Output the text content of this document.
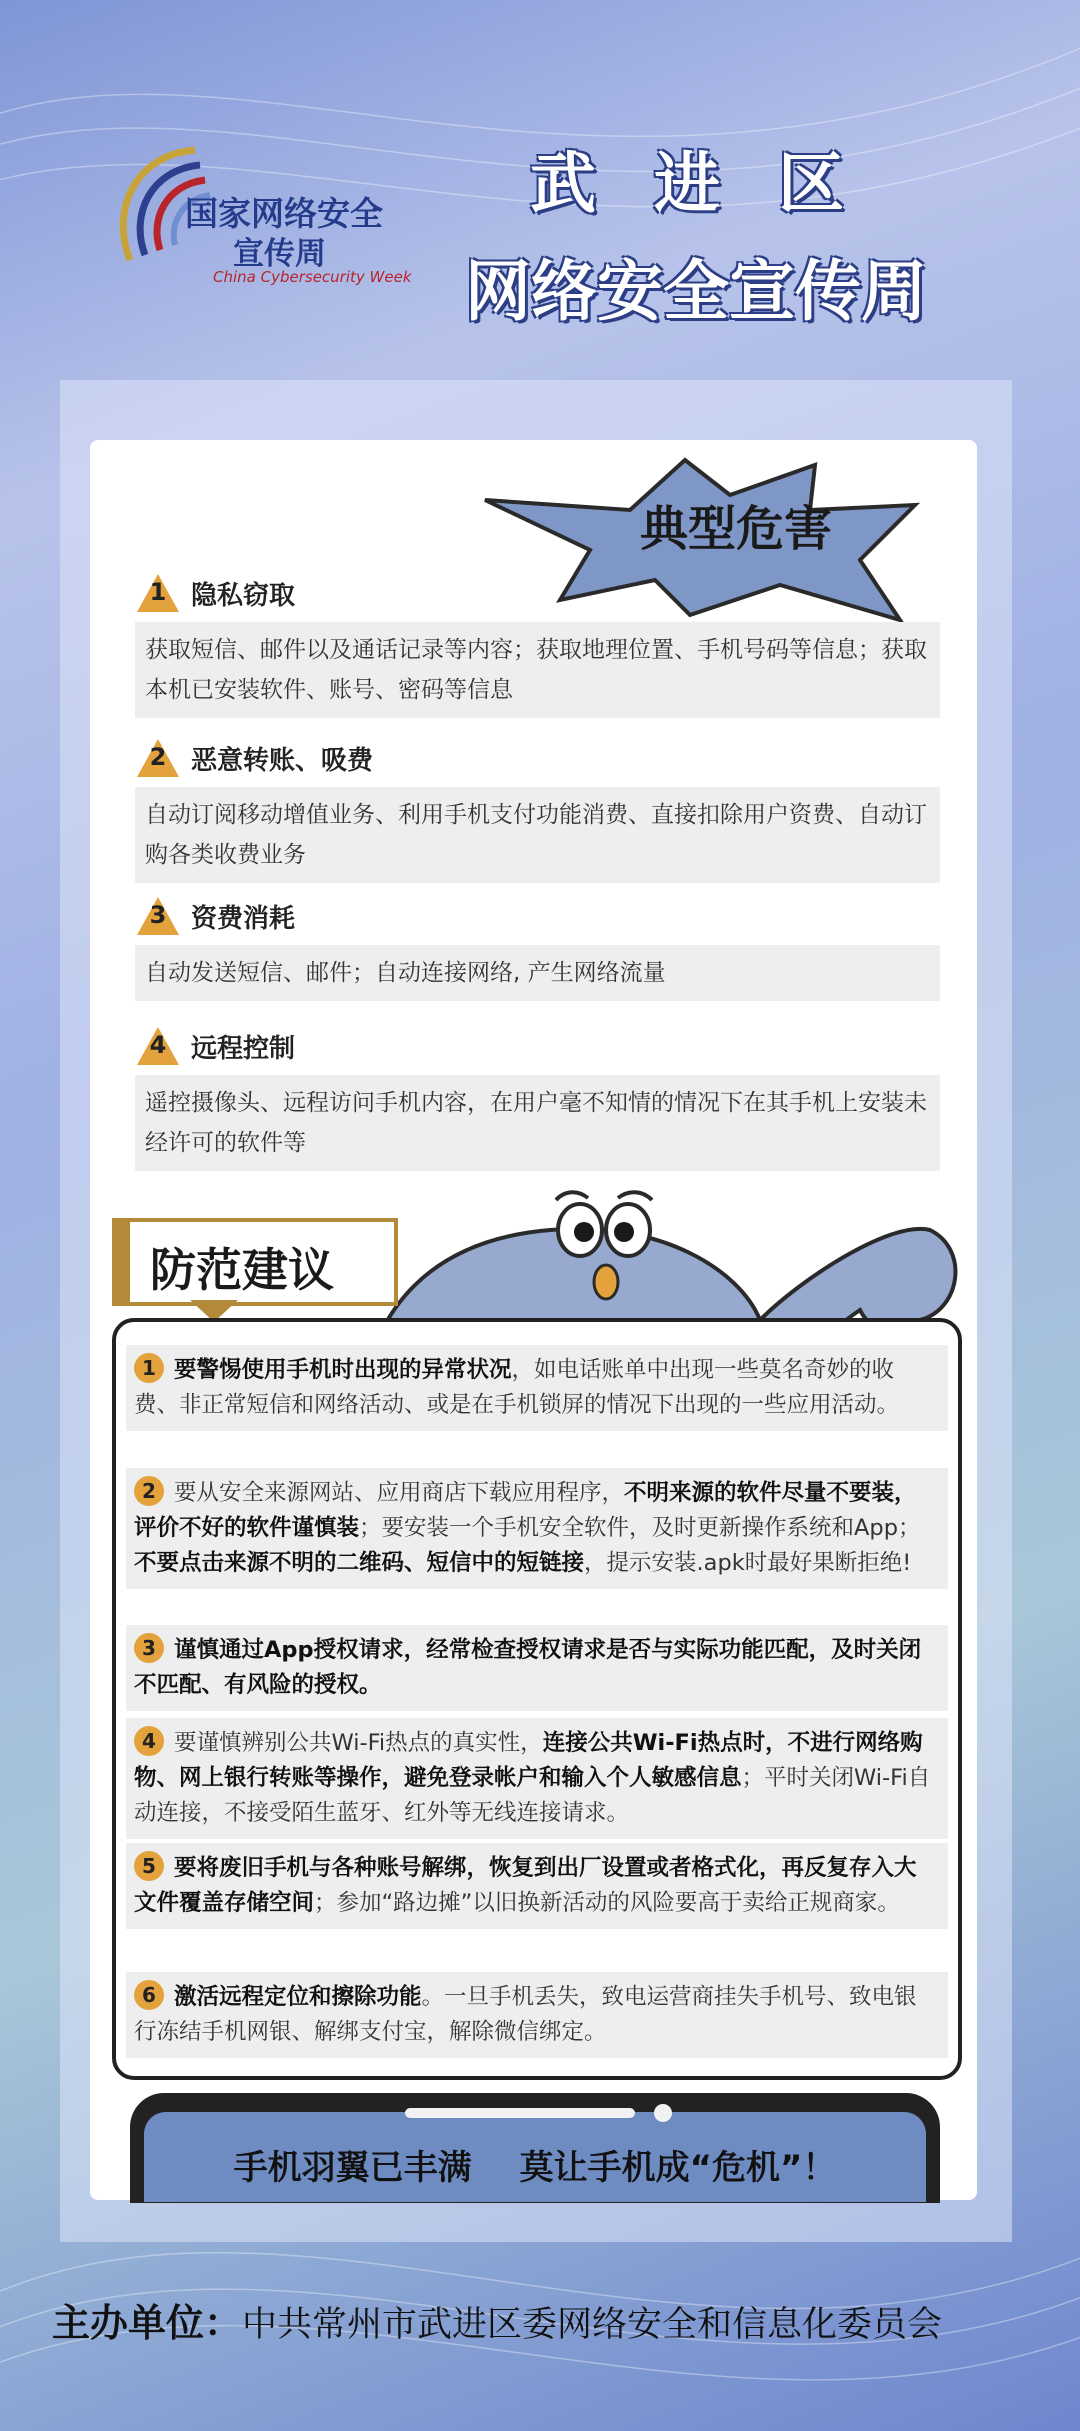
国家网络安全
宣传周
China Cybersecurity Week
武进区
网络安全宣传周
典型危害
1 隐私窃取
获取短信、邮件以及通话记录等内容；获取地理位置、手机号码等信息；获取本机已安装软件、账号、密码等信息
2 恶意转账、吸费
自动订阅移动增值业务、利用手机支付功能消费、直接扣除用户资费、自动订购各类收费业务
3 资费消耗
自动发送短信、邮件；自动连接网络, 产生网络流量
4 远程控制
遥控摄像头、远程访问手机内容，在用户毫不知情的情况下在其手机上安装未经许可的软件等
防范建议
1 要警惕使用手机时出现的异常状况，如电话账单中出现一些莫名奇妙的收费、非正常短信和网络活动、或是在手机锁屏的情况下出现的一些应用活动。
2 要从安全来源网站、应用商店下载应用程序，不明来源的软件尽量不要装，评价不好的软件谨慎装；要安装一个手机安全软件，及时更新操作系统和App；不要点击来源不明的二维码、短信中的短链接，提示安装.apk时最好果断拒绝!
3 谨慎通过App授权请求，经常检查授权请求是否与实际功能匹配，及时关闭不匹配、有风险的授权。
4 要谨慎辨别公共Wi-Fi热点的真实性，连接公共Wi-Fi热点时，不进行网络购物、网上银行转账等操作，避免登录帐户和输入个人敏感信息；平时关闭Wi-Fi自动连接，不接受陌生蓝牙、红外等无线连接请求。
5 要将废旧手机与各种账号解绑，恢复到出厂设置或者格式化，再反复存入大文件覆盖存储空间；参加“路边摊”以旧换新活动的风险要高于卖给正规商家。
6 激活远程定位和擦除功能。一旦手机丢失，致电运营商挂失手机号、致电银行冻结手机网银、解绑支付宝，解除微信绑定。
手机羽翼已丰满 莫让手机成“危机”！
主办单位：中共常州市武进区委网络安全和信息化委员会
